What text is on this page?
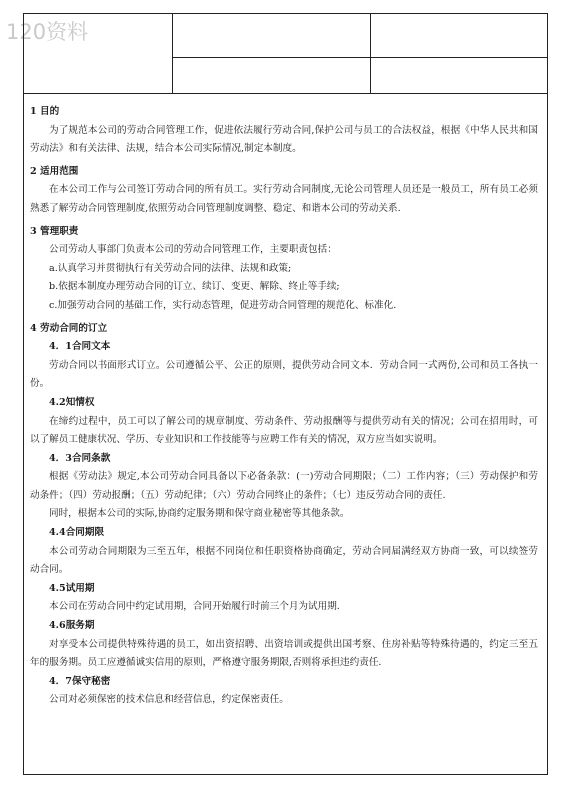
120资料

1 目的

为了规范本公司的劳动合同管理工作，促进依法履行劳动合同,保护公司与员工的合法权益，根据《中华人民共和国劳动法》和有关法律、法规，结合本公司实际情况,制定本制度。

2 适用范围

在本公司工作与公司签订劳动合同的所有员工。实行劳动合同制度,无论公司管理人员还是一般员工，所有员工必须熟悉了解劳动合同管理制度,依照劳动合同管理制度调整、稳定、和谐本公司的劳动关系.

3 管理职责

公司劳动人事部门负责本公司的劳动合同管理工作，主要职责包括：

a.认真学习并贯彻执行有关劳动合同的法律、法规和政策;

b.依据本制度办理劳动合同的订立、续订、变更、解除、终止等手续;

c.加强劳动合同的基础工作，实行动态管理，促进劳动合同管理的规范化、标准化.

4 劳动合同的订立

4．1合同文本

劳动合同以书面形式订立。公司遵循公平、公正的原则，提供劳动合同文本．劳动合同一式两份,公司和员工各执一份。

4.2知情权

在缔约过程中，员工可以了解公司的规章制度、劳动条件、劳动报酬等与提供劳动有关的情况；公司在招用时，可以了解员工健康状况、学历、专业知识和工作技能等与应聘工作有关的情况，双方应当如实说明。

4．3合同条款

根据《劳动法》规定,本公司劳动合同具备以下必备条款：(一)劳动合同期限；（二）工作内容；（三）劳动保护和劳动条件；（四）劳动报酬；（五）劳动纪律；（六）劳动合同终止的条件；（七）违反劳动合同的责任.

同时，根据本公司的实际,协商约定服务期和保守商业秘密等其他条款。

4.4合同期限

本公司劳动合同期限为三至五年，根据不同岗位和任职资格协商确定，劳动合同届满经双方协商一致，可以续签劳动合同。

4.5试用期

本公司在劳动合同中约定试用期，合同开始履行时前三个月为试用期.

4.6服务期

对享受本公司提供特殊待遇的员工，如出资招聘、出资培训或提供出国考察、住房补贴等特殊待遇的，约定三至五年的服务期。员工应遵循诚实信用的原则，严格遵守服务期限,否则将承担违约责任.

4．7保守秘密

公司对必须保密的技术信息和经营信息，约定保密责任。
